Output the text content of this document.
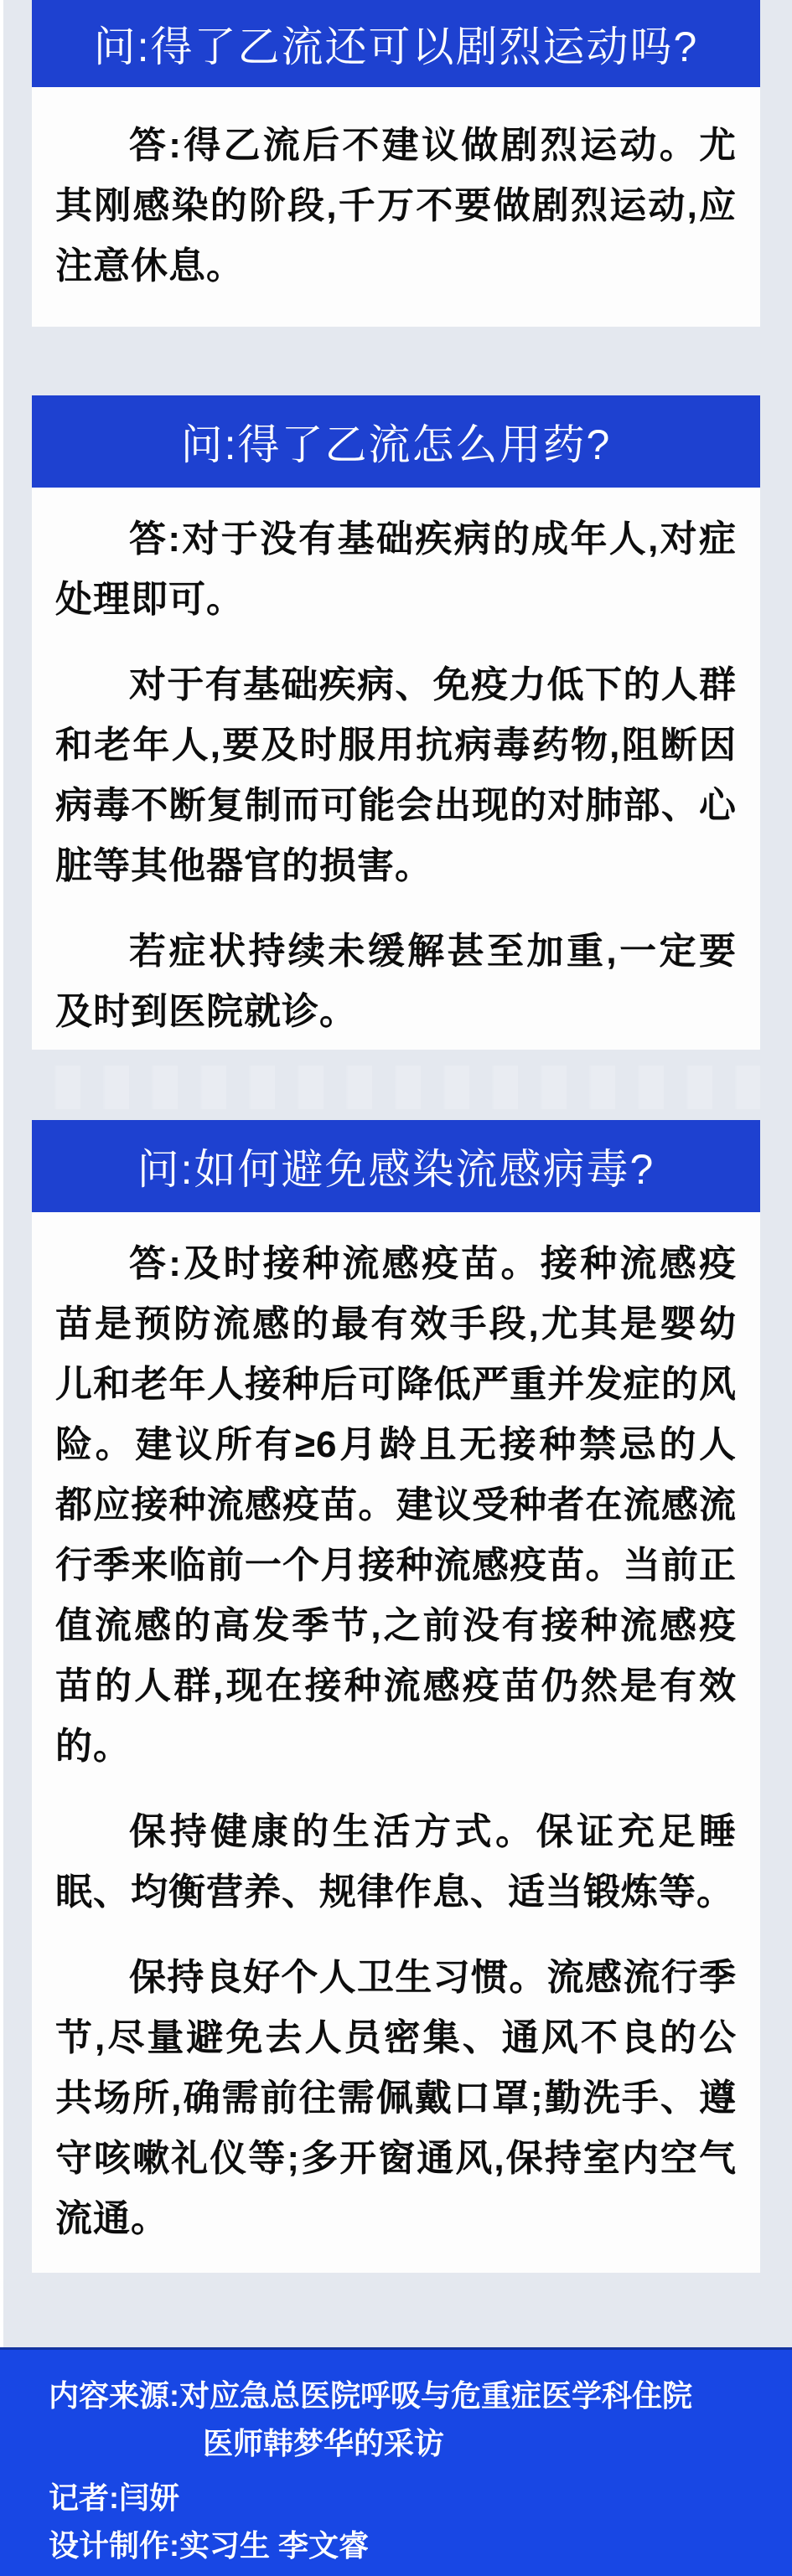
问:得了乙流还可以剧烈运动吗?

答:得乙流后不建议做剧烈运动。尤其刚感染的阶段,千万不要做剧烈运动,应注意休息。

问:得了乙流怎么用药?

答:对于没有基础疾病的成年人,对症处理即可。

对于有基础疾病、免疫力低下的人群和老年人,要及时服用抗病毒药物,阻断因病毒不断复制而可能会出现的对肺部、心脏等其他器官的损害。

若症状持续未缓解甚至加重,一定要及时到医院就诊。

问:如何避免感染流感病毒?

答:及时接种流感疫苗。接种流感疫苗是预防流感的最有效手段,尤其是婴幼儿和老年人接种后可降低严重并发症的风险。建议所有≥6月龄且无接种禁忌的人都应接种流感疫苗。建议受种者在流感流行季来临前一个月接种流感疫苗。当前正值流感的高发季节,之前没有接种流感疫苗的人群,现在接种流感疫苗仍然是有效的。

保持健康的生活方式。保证充足睡眠、均衡营养、规律作息、适当锻炼等。

保持良好个人卫生习惯。流感流行季节,尽量避免去人员密集、通风不良的公共场所,确需前往需佩戴口罩;勤洗手、遵守咳嗽礼仪等;多开窗通风,保持室内空气流通。

内容来源:对应急总医院呼吸与危重症医学科住院
医师韩梦华的采访
记者:闫妍
设计制作:实习生 李文睿
